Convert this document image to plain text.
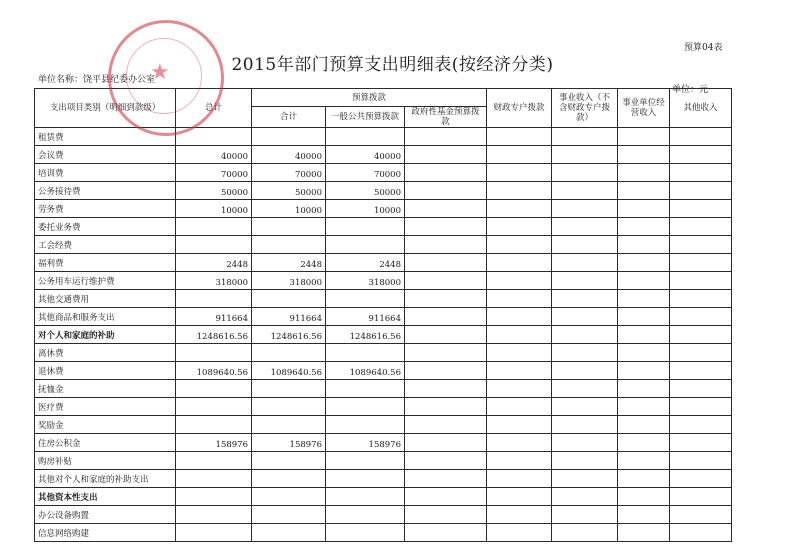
预算04表
2015年部门预算支出明细表(按经济分类)
单位名称：饶平县纪委办公室
单位：元
支出项目类别（明细到款级）	总计	预算拨款			财政专户拨款	事业收入（不含财政专户拨款）	事业单位经营收入	其他收入
		合计	一般公共预算拨款	政府性基金预算拨款				
租赁费								
会议费	40000	40000	40000					
培训费	70000	70000	70000					
公务接待费	50000	50000	50000					
劳务费	10000	10000	10000					
委托业务费								
工会经费								
福利费	2448	2448	2448					
公务用车运行维护费	318000	318000	318000					
其他交通费用								
其他商品和服务支出	911664	911664	911664					
对个人和家庭的补助	1248616.56	1248616.56	1248616.56					
离休费								
退休费	1089640.56	1089640.56	1089640.56					
抚恤金								
医疗费								
奖励金								
住房公积金	158976	158976	158976					
购房补贴								
其他对个人和家庭的补助支出								
其他资本性支出								
办公设备购置								
信息网络购建								
★
